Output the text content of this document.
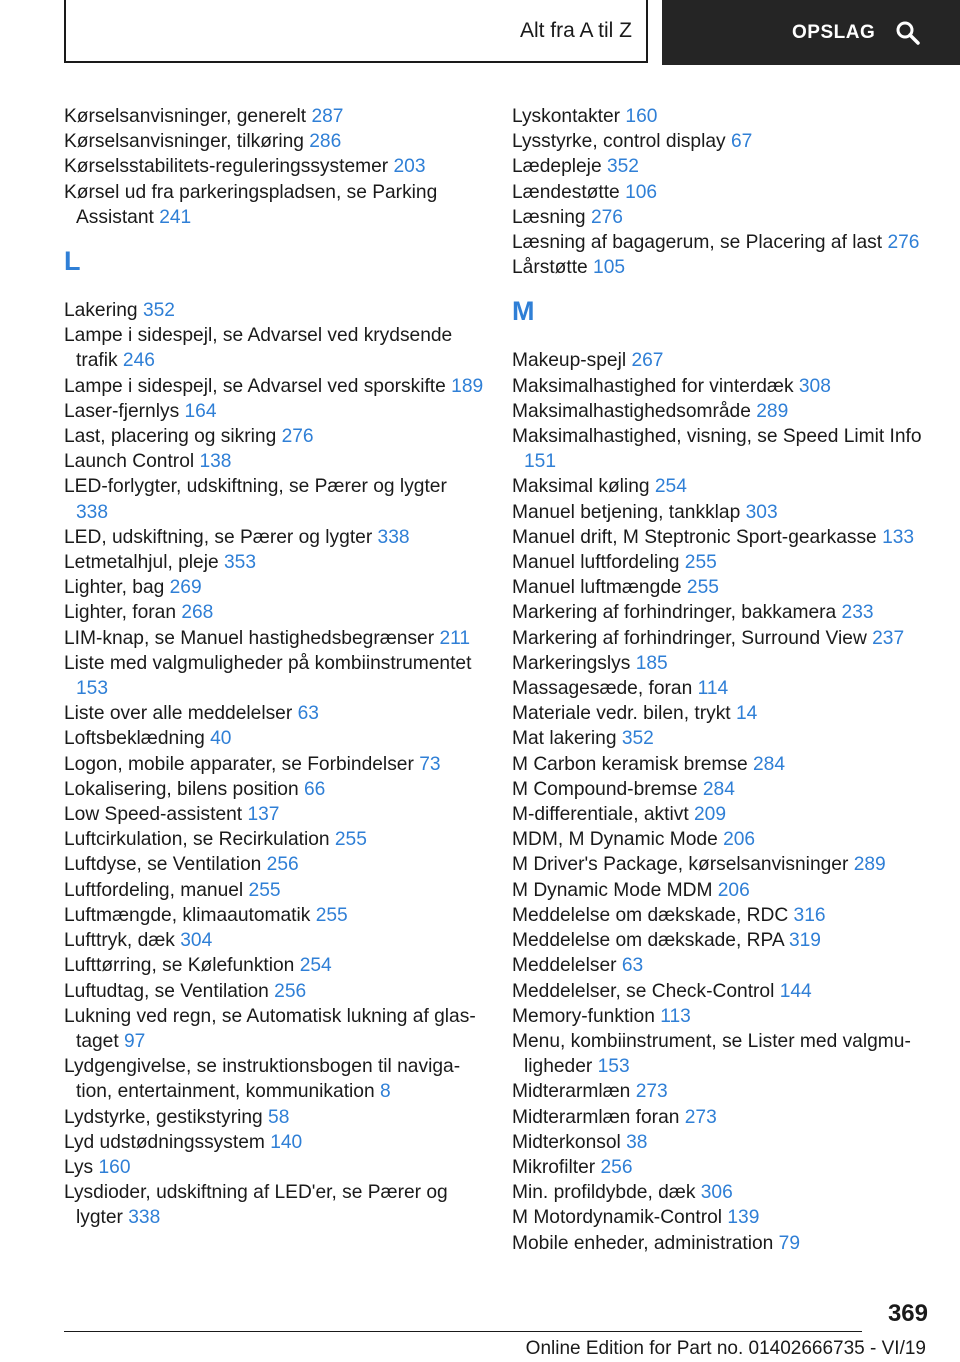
Alt fra A til Z	OPSLAG

Kørselsanvisninger, generelt 287

Kørselsanvisninger, tilkøring 286

Kørselsstabilitets-reguleringssystemer 203

Kørsel ud fra parkeringspladsen, se Parking Assistant 241

L

Lakering 352

Lampe i sidespejl, se Advarsel ved krydsende trafik 246

Lampe i sidespejl, se Advarsel ved sporskifte 189

Laser-fjernlys 164

Last, placering og sikring 276

Launch Control 138

LED-forlygter, udskiftning, se Pærer og lygter 338

LED, udskiftning, se Pærer og lygter 338

Letmetalhjul, pleje 353

Lighter, bag 269

Lighter, foran 268

LIM-knap, se Manuel hastighedsbegrænser 211

Liste med valgmuligheder på kombiinstrumentet 153

Liste over alle meddelelser 63

Loftsbeklædning 40

Logon, mobile apparater, se Forbindelser 73

Lokalisering, bilens position 66

Low Speed-assistent 137

Luftcirkulation, se Recirkulation 255

Luftdyse, se Ventilation 256

Luftfordeling, manuel 255

Luftmængde, klimaautomatik 255

Lufttryk, dæk 304

Lufttørring, se Kølefunktion 254

Luftudtag, se Ventilation 256

Lukning ved regn, se Automatisk lukning af glastaget 97

Lydgengivelse, se instruktionsbogen til navigation, entertainment, kommunikation 8

Lydstyrke, gestikstyring 58

Lyd udstødningssystem 140

Lys 160

Lysdioder, udskiftning af LED'er, se Pærer og lygter 338

Lyskontakter 160

Lysstyrke, control display 67

Lædepleje 352

Lændestøtte 106

Læsning 276

Læsning af bagagerum, se Placering af last 276

Lårstøtte 105

M

Makeup-spejl 267

Maksimalhastighed for vinterdæk 308

Maksimalhastighedsområde 289

Maksimalhastighed, visning, se Speed Limit Info 151

Maksimal køling 254

Manuel betjening, tankklap 303

Manuel drift, M Steptronic Sport-gearkasse 133

Manuel luftfordeling 255

Manuel luftmængde 255

Markering af forhindringer, bakkamera 233

Markering af forhindringer, Surround View 237

Markeringslys 185

Massagesæde, foran 114

Materiale vedr. bilen, trykt 14

Mat lakering 352

M Carbon keramisk bremse 284

M Compound-bremse 284

M-differentiale, aktivt 209

MDM, M Dynamic Mode 206

M Driver's Package, kørselsanvisninger 289

M Dynamic Mode MDM 206

Meddelelse om dækskade, RDC 316

Meddelelse om dækskade, RPA 319

Meddelelser 63

Meddelelser, se Check-Control 144

Memory-funktion 113

Menu, kombiinstrument, se Lister med valgmuligheder 153

Midterarmlæn 273

Midterarmlæn foran 273

Midterkonsol 38

Mikrofilter 256

Min. profildybde, dæk 306

M Motordynamik-Control 139

Mobile enheder, administration 79

369
Online Edition for Part no. 01402666735 - VI/19
